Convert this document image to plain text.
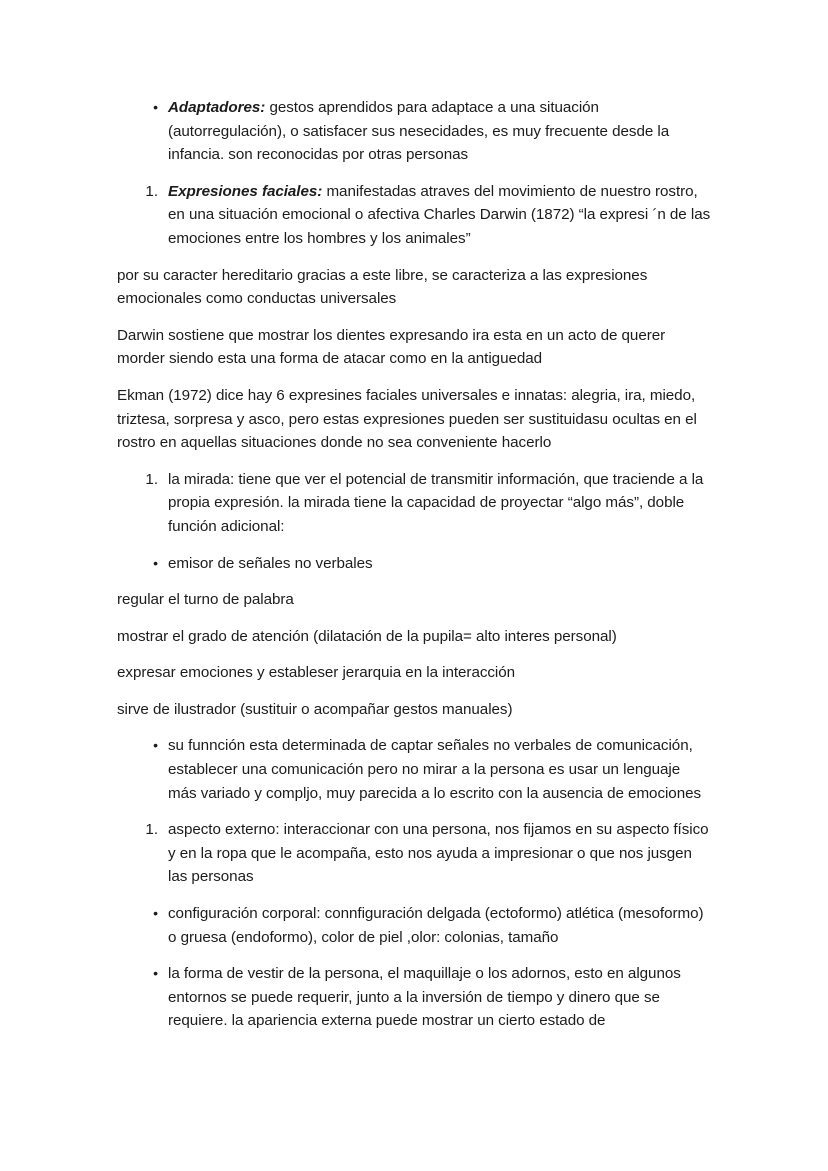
• Adaptadores: gestos aprendidos para adaptace a una situación (autorregulación), o satisfacer sus nesecidades, es muy frecuente desde la infancia. son reconocidas por otras personas
1. Expresiones faciales: manifestadas atraves del movimiento de nuestro rostro, en una situación emocional o afectiva Charles Darwin (1872) “la expresi ´n de las emociones entre los hombres y los animales”

por su caracter hereditario gracias a este libre, se caracteriza a las expresiones emocionales como conductas universales

Darwin sostiene que mostrar los dientes expresando ira esta en un acto de querer morder siendo esta una forma de atacar como en la antiguedad

Ekman (1972) dice hay 6 expresines faciales universales e innatas: alegria, ira, miedo, triztesa, sorpresa y asco, pero estas expresiones pueden ser sustituidasu ocultas en el rostro en aquellas situaciones donde no sea conveniente hacerlo

1. la mirada: tiene que ver el potencial de transmitir información, que traciende a la propia expresión. la mirada tiene la capacidad de proyectar “algo más”, doble función adicional:
• emisor de señales no verbales

regular el turno de palabra

mostrar el grado de atención (dilatación de la pupila= alto interes personal)

expresar emociones y estableser jerarquia en la interacción

sirve de ilustrador (sustituir o acompañar gestos manuales)

• su funnción esta determinada de captar señales no verbales de comunicación, establecer una comunicación pero no mirar a la persona es usar un lenguaje más variado y compljo, muy parecida a lo escrito con la ausencia de emociones
1. aspecto externo: interaccionar con una persona, nos fijamos en su aspecto físico y en la ropa que le acompaña, esto nos ayuda a impresionar o que nos jusgen las personas
• configuración corporal: connfiguración delgada (ectoformo) atlética (mesoformo) o gruesa (endoformo), color de piel ,olor: colonias, tamaño
• la forma de vestir de la persona, el maquillaje o los adornos, esto en algunos entornos se puede requerir, junto a la inversión de tiempo y dinero que se requiere. la apariencia externa puede mostrar un cierto estado de
